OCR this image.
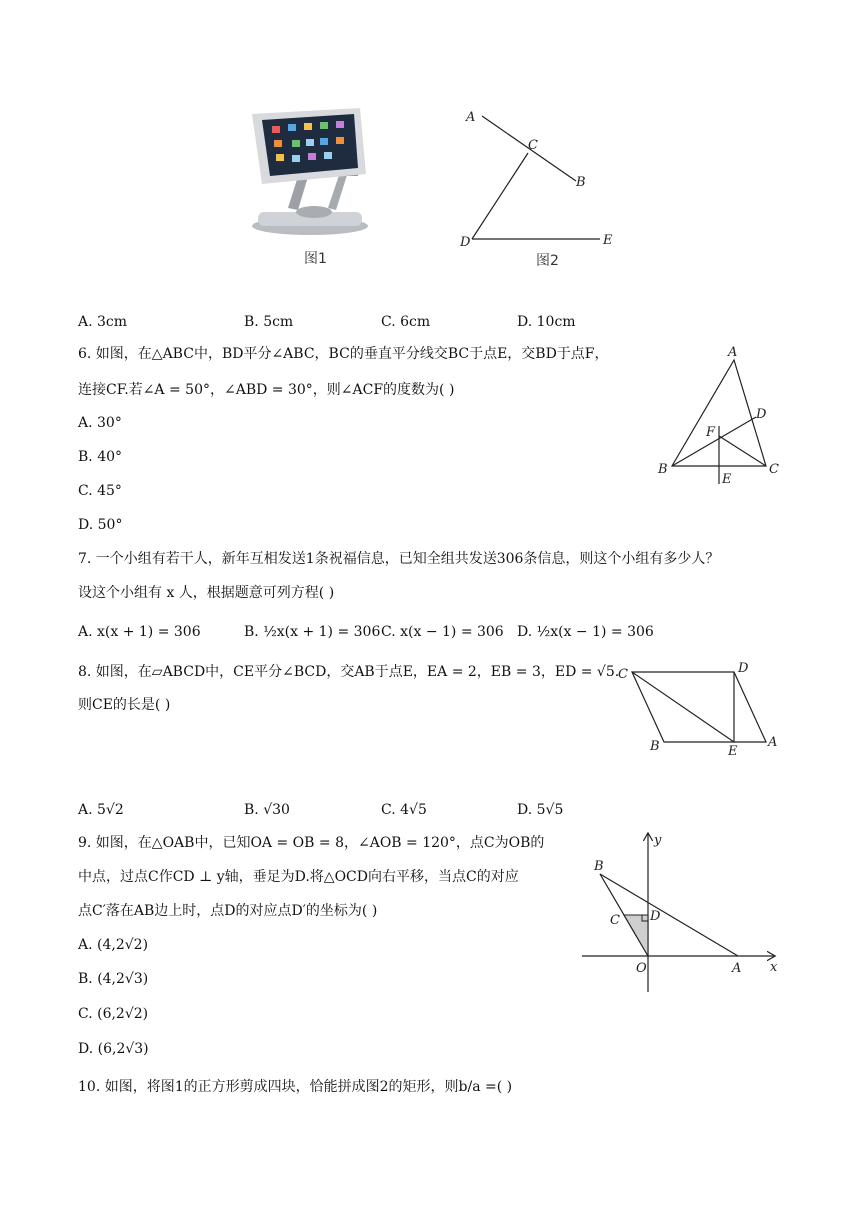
图1
A
C
B
D	E
图2
A. 3cm	B. 5cm	C. 6cm	D. 10cm
6. 如图，在△ABC中，BD平分∠ABC，BC的垂直平分线交BC于点E，交BD于点F，
连接CF.若∠A = 50°，∠ABD = 30°，则∠ACF的度数为( )
A. 30°
B. 40°
C. 45°
D. 50°
A
D
F
B
E
C
7. 一个小组有若干人，新年互相发送1条祝福信息，已知全组共发送306条信息，则这个小组有多少人？
设这个小组有 x 人，根据题意可列方程( )
A. x(x + 1) = 306	B. ½x(x + 1) = 306 C. x(x − 1) = 306 D. ½x(x − 1) = 306
8. 如图，在▱ABCD中，CE平分∠BCD，交AB于点E，EA = 2，EB = 3，ED = √5.
则CE的长是( )
C	D
B	E
A
A. 5√2	B. √30	C. 4√5	D. 5√5
9. 如图，在△OAB中，已知OA = OB = 8，∠AOB = 120°，点C为OB的
中点，过点C作CD ⊥ y轴，垂足为D.将△OCD向右平移，当点C的对应
点C′落在AB边上时，点D的对应点D′的坐标为( )
A. (4,2√2)
B. (4,2√3)
C. (6,2√2)
D. (6,2√3)
y
B
C D
O	A x
10. 如图，将图1的正方形剪成四块，恰能拼成图2的矩形，则b/a =( )
